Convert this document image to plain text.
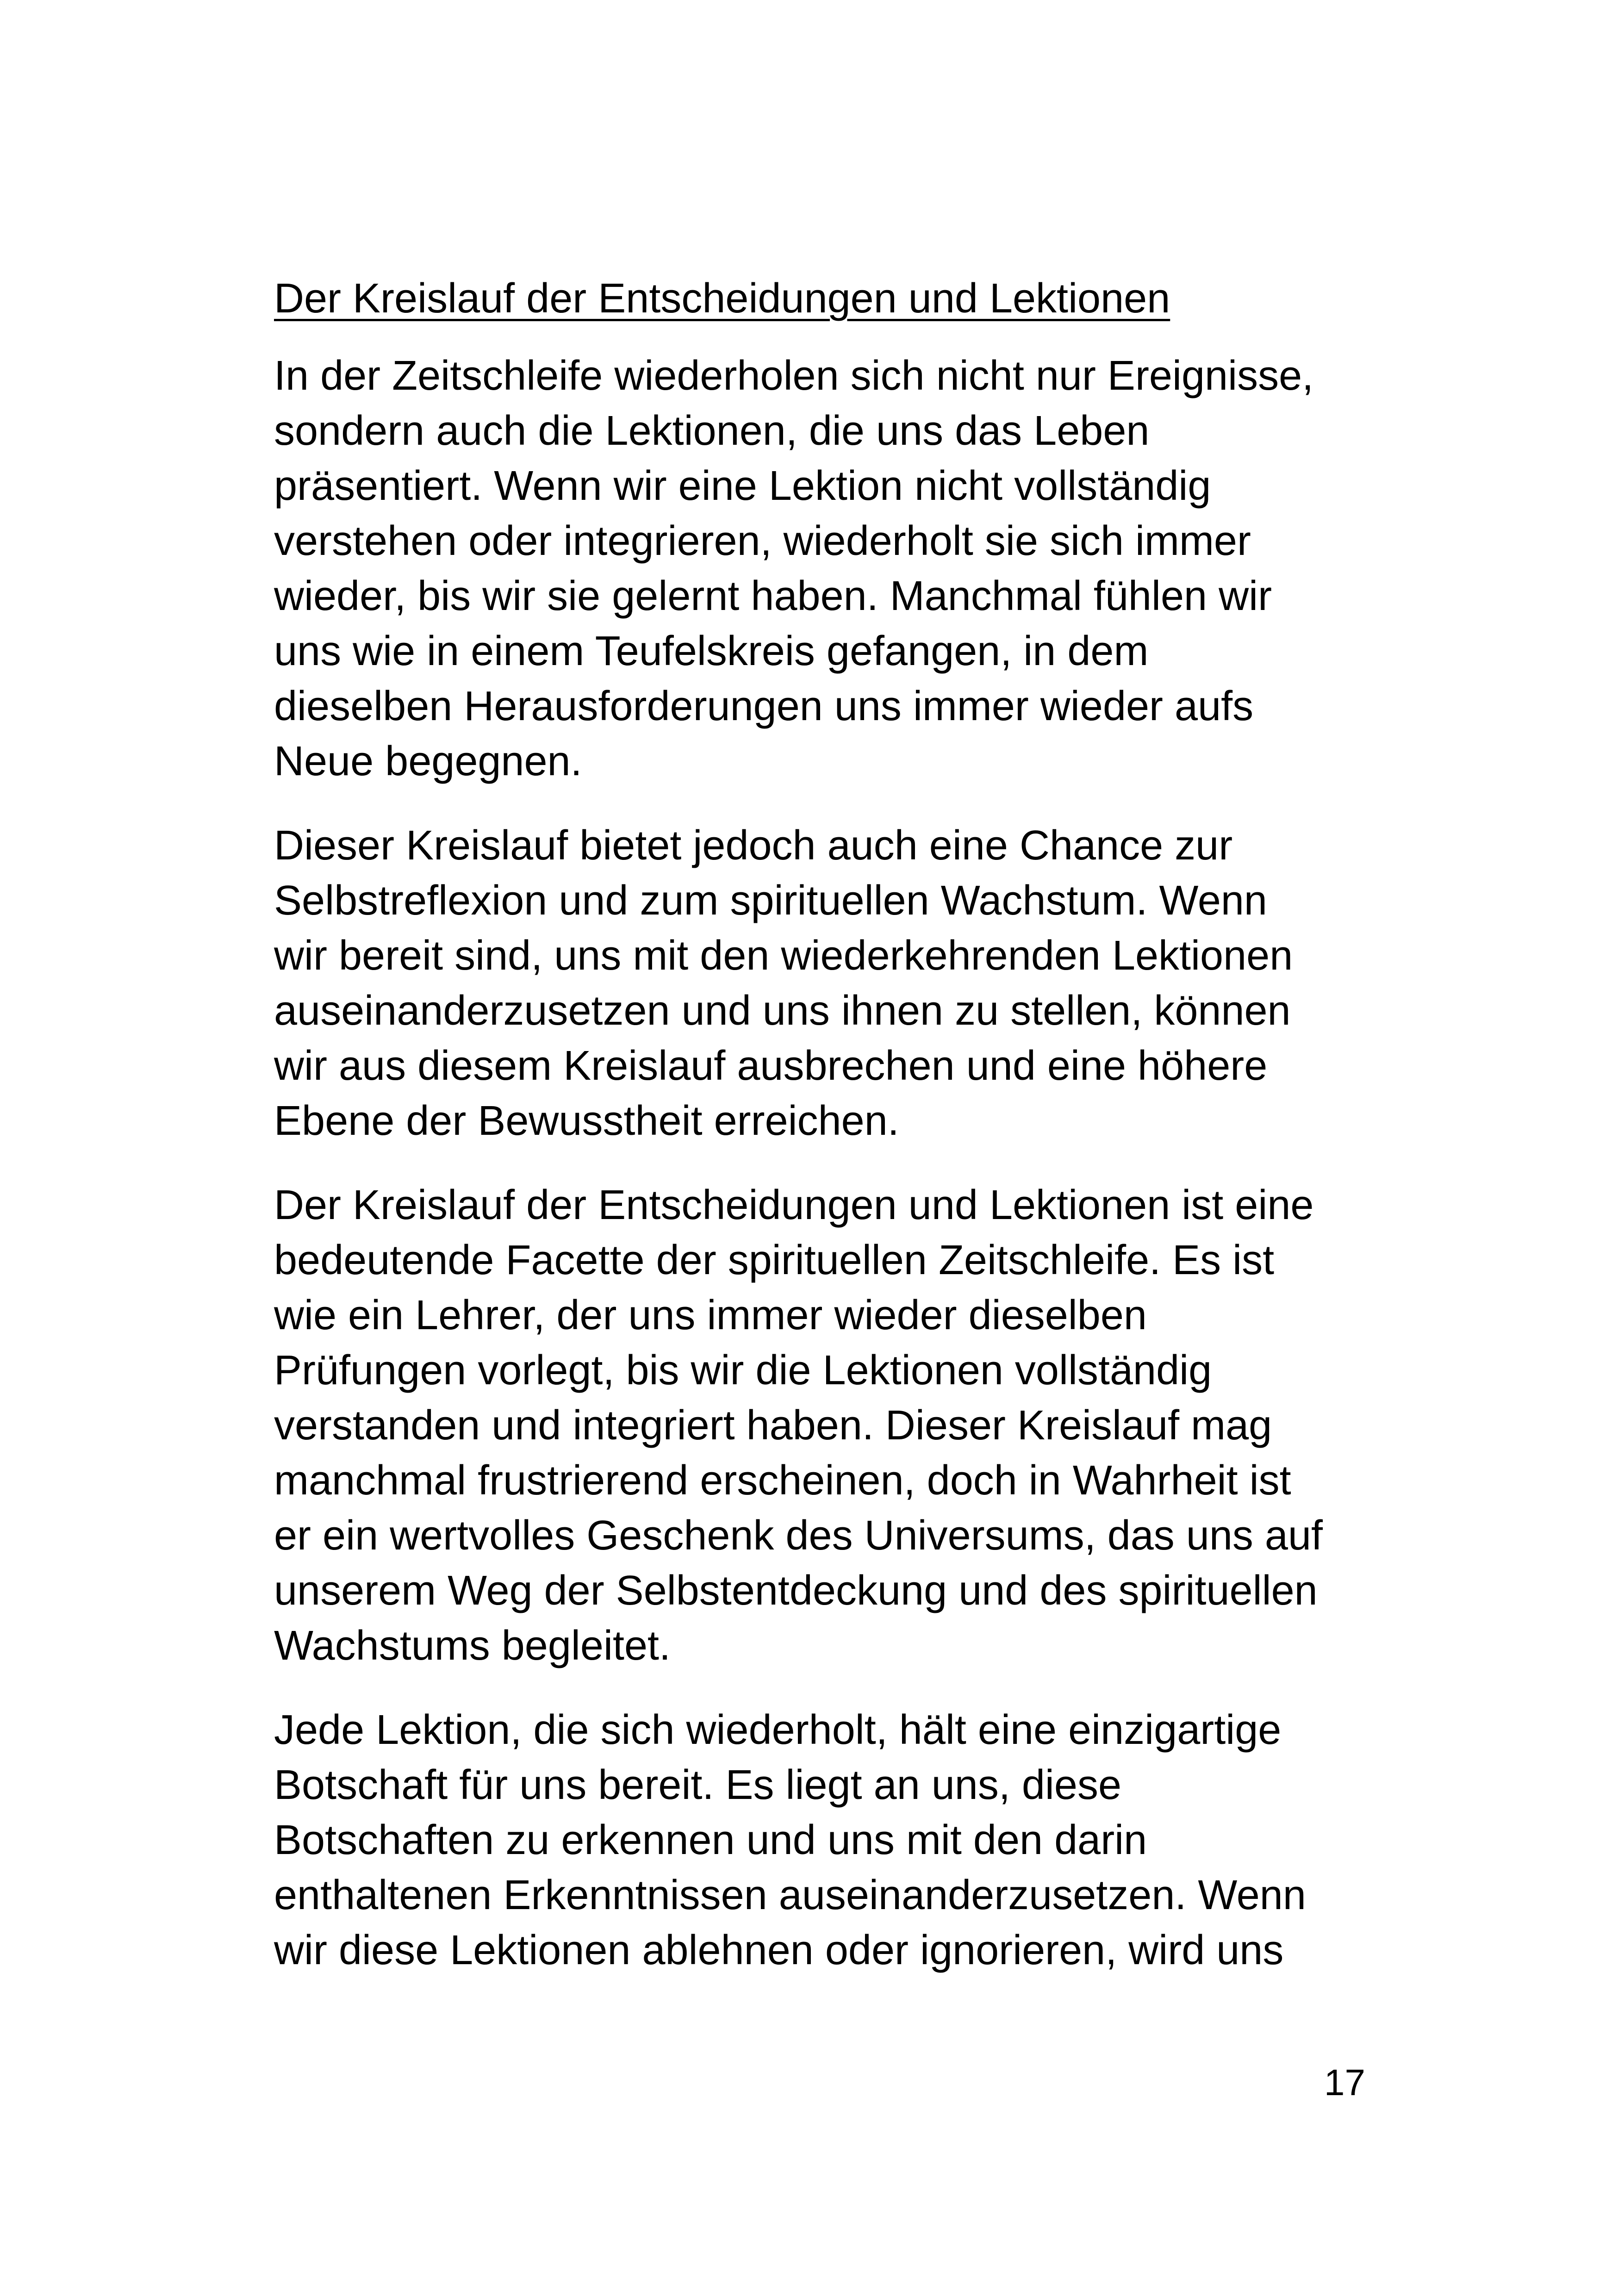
Der Kreislauf der Entscheidungen und Lektionen

In der Zeitschleife wiederholen sich nicht nur Ereignisse,
sondern auch die Lektionen, die uns das Leben
präsentiert. Wenn wir eine Lektion nicht vollständig
verstehen oder integrieren, wiederholt sie sich immer
wieder, bis wir sie gelernt haben. Manchmal fühlen wir
uns wie in einem Teufelskreis gefangen, in dem
dieselben Herausforderungen uns immer wieder aufs
Neue begegnen.

Dieser Kreislauf bietet jedoch auch eine Chance zur
Selbstreflexion und zum spirituellen Wachstum. Wenn
wir bereit sind, uns mit den wiederkehrenden Lektionen
auseinanderzusetzen und uns ihnen zu stellen, können
wir aus diesem Kreislauf ausbrechen und eine höhere
Ebene der Bewusstheit erreichen.

Der Kreislauf der Entscheidungen und Lektionen ist eine
bedeutende Facette der spirituellen Zeitschleife. Es ist
wie ein Lehrer, der uns immer wieder dieselben
Prüfungen vorlegt, bis wir die Lektionen vollständig
verstanden und integriert haben. Dieser Kreislauf mag
manchmal frustrierend erscheinen, doch in Wahrheit ist
er ein wertvolles Geschenk des Universums, das uns auf
unserem Weg der Selbstentdeckung und des spirituellen
Wachstums begleitet.

Jede Lektion, die sich wiederholt, hält eine einzigartige
Botschaft für uns bereit. Es liegt an uns, diese
Botschaften zu erkennen und uns mit den darin
enthaltenen Erkenntnissen auseinanderzusetzen. Wenn
wir diese Lektionen ablehnen oder ignorieren, wird uns

17
